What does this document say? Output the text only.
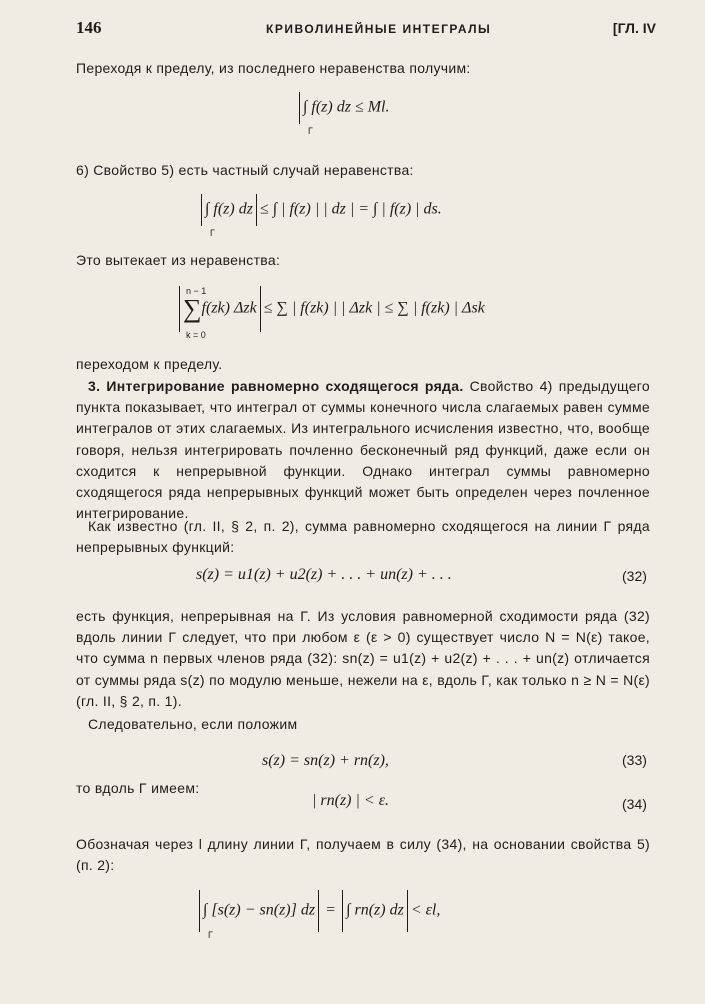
146	КРИВОЛИНЕЙНЫЕ ИНТЕГРАЛЫ	[ГЛ. IV
Переходя к пределу, из последнего неравенства получим:
∫ f(z) dz ≤ Ml.
Γ
6) Свойство 5) есть частный случай неравенства:
∫ f(z) dz ≤ ∫ | f(z) | | dz | = ∫ | f(z) | ds.
Γ
Это вытекает из неравенства:
n − 1
∑f(zk) Δzk ≤ ∑ | f(zk) | | Δzk | ≤ ∑ | f(zk) | Δsk
k = 0
переходом к пределу.
3. Интегрирование равномерно сходящегося ряда. Свойство 4) предыдущего пункта показывает, что интеграл от суммы конечного числа слагаемых равен сумме интегралов от этих слагаемых. Из интегрального исчисления известно, что, вообще говоря, нельзя интегрировать почленно бесконечный ряд функций, даже если он сходится к непрерывной функции. Однако интеграл суммы равномерно сходящегося ряда непрерывных функций может быть определен через почленное интегрирование.
Как известно (гл. II, § 2, п. 2), сумма равномерно сходящегося на линии Γ ряда непрерывных функций:
s(z) = u1(z) + u2(z) + . . . + un(z) + . . .	(32)
есть функция, непрерывная на Γ. Из условия равномерной сходимости ряда (32) вдоль линии Γ следует, что при любом ε (ε > 0) существует число N = N(ε) такое, что сумма n первых членов ряда (32): sn(z) = u1(z) + u2(z) + . . . + un(z) отличается от суммы ряда s(z) по модулю меньше, нежели на ε, вдоль Γ, как только n ≥ N = N(ε) (гл. II, § 2, п. 1).
Следовательно, если положим
s(z) = sn(z) + rn(z),	(33)
то вдоль Γ имеем:
| rn(z) | < ε.	(34)
Обозначая через l длину линии Γ, получаем в силу (34), на основании свойства 5) (п. 2):
∫ [s(z) − sn(z)] dz = ∫ rn(z) dz < εl,
Γ
